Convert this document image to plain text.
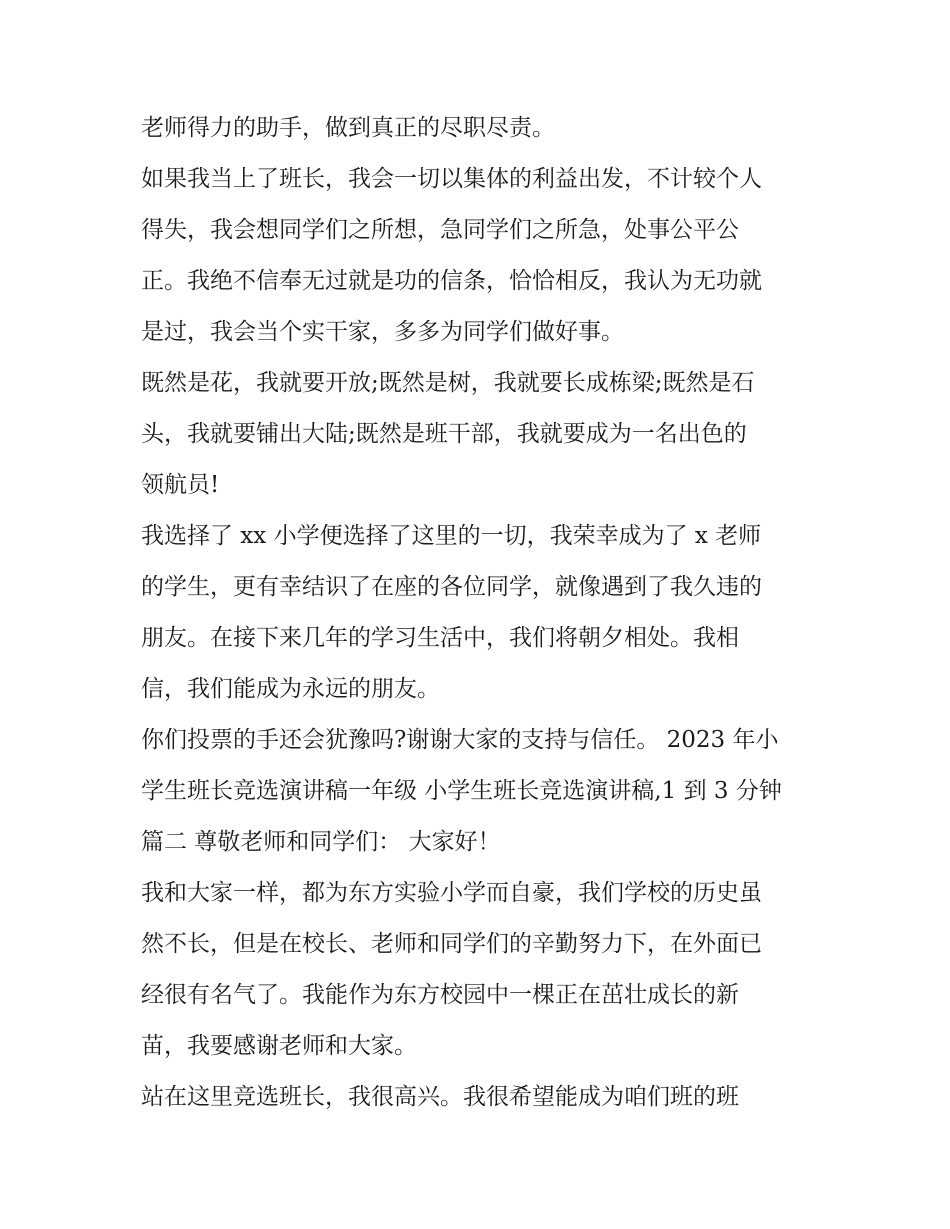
老师得力的助手，做到真正的尽职尽责。
如果我当上了班长，我会一切以集体的利益出发，不计较个人
得失，我会想同学们之所想，急同学们之所急，处事公平公
正。我绝不信奉无过就是功的信条，恰恰相反，我认为无功就
是过，我会当个实干家，多多为同学们做好事。
既然是花，我就要开放;既然是树，我就要长成栋梁;既然是石
头，我就要铺出大陆;既然是班干部，我就要成为一名出色的
领航员!
我选择了 xx 小学便选择了这里的一切，我荣幸成为了 x 老师
的学生，更有幸结识了在座的各位同学，就像遇到了我久违的
朋友。在接下来几年的学习生活中，我们将朝夕相处。我相
信，我们能成为永远的朋友。
你们投票的手还会犹豫吗?谢谢大家的支持与信任。 2023 年小
学生班长竞选演讲稿一年级 小学生班长竞选演讲稿,1 到 3 分钟
篇二 尊敬老师和同学们： 大家好！
我和大家一样，都为东方实验小学而自豪，我们学校的历史虽
然不长，但是在校长、老师和同学们的辛勤努力下，在外面已
经很有名气了。我能作为东方校园中一棵正在茁壮成长的新
苗，我要感谢老师和大家。
站在这里竞选班长，我很高兴。我很希望能成为咱们班的班
